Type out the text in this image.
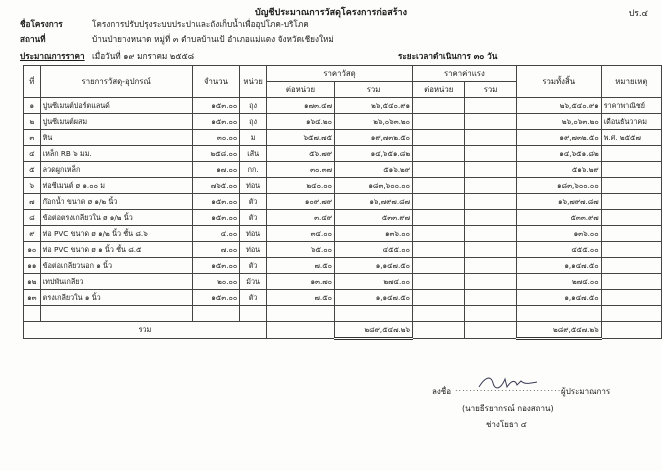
บัญชีประมาณการวัสดุโครงการก่อสร้าง	ปร.๔
ชื่อโครงการ	โครงการปรับปรุงระบบประปาและถังเก็บน้ำเพื่ออุปโภค-บริโภค
สถานที่	บ้านป่ายางหนาด หมู่ที่ ๓ ตำบลบ้านเป้ อำเภอแม่แตง จังหวัดเชียงใหม่
ประมาณการราคา เมื่อวันที่ ๑๙ มกราคม ๒๕๕๘	ระยะเวลาดำเนินการ ๓๐ วัน
ที่	รายการวัสดุ-อุปกรณ์	จำนวน	หน่วย	ราคาวัสดุ		ราคาค่าแรง		รวมทั้งสิ้น	หมายเหตุ
				ต่อหน่วย	รวม	ต่อหน่วย	รวม		
๑	ปูนซีเมนต์ปอร์ตแลนด์	๑๕๓.๐๐	ถุง	๑๗๓.๔๗	๒๖,๕๔๐.๙๑			๒๖,๕๔๐.๙๑	ราคาพาณิชย์
๒	ปูนซีเมนต์ผสม	๑๕๓.๐๐	ถุง	๑๖๔.๒๐	๒๖,๐๖๓.๒๐			๒๖,๐๖๓.๒๐	เดือนธันวาคม
๓	หิน	๓๐.๐๐	ม	๖๕๗.๗๕	๑๙,๗๓๒.๕๐			๑๙,๗๓๒.๕๐	พ.ศ. ๒๕๕๗
๔	เหล็ก RB ๖ มม.	๒๕๘.๐๐	เส้น	๕๖.๗๙	๑๔,๖๕๑.๘๒			๑๔,๖๕๑.๘๒	
๕	ลวดผูกเหล็ก	๑๗.๐๐	กก.	๓๐.๓๗	๕๑๖.๒๙			๕๑๖.๒๙	
๖	ท่อซีเมนต์ ø ๑.๐๐ ม	๗๖๕.๐๐	ท่อน	๒๔๐.๐๐	๑๘๓,๖๐๐.๐๐			๑๘๓,๖๐๐.๐๐	
๗	ก๊อกน้ำ ขนาด ø ๑/๒ นิ้ว	๑๕๓.๐๐	ตัว	๑๐๙.๗๙	๑๖,๗๙๗.๘๗			๑๖,๗๙๗.๘๗	
๘	ข้อต่อตรงเกลียวใน ø ๑/๒ นิ้ว	๑๕๓.๐๐	ตัว	๓.๔๙	๕๓๓.๙๗			๕๓๓.๙๗	
๙	ท่อ PVC ขนาด ø ๑/๒ นิ้ว ชั้น ๘.๖	๔.๐๐	ท่อน	๓๔.๐๐	๑๓๖.๐๐			๑๓๖.๐๐	
๑๐	ท่อ PVC ขนาด ø ๑ นิ้ว ชั้น ๘.๕	๗.๐๐	ท่อน	๖๕.๐๐	๔๕๕.๐๐			๔๕๕.๐๐	
๑๑	ข้อต่อเกลียวนอก ๑ นิ้ว	๑๕๓.๐๐	ตัว	๗.๕๐	๑,๑๔๗.๕๐			๑,๑๔๗.๕๐	
๑๒	เทปพันเกลียว	๒๐.๐๐	ม้วน	๑๓.๗๐	๒๗๔.๐๐			๒๗๔.๐๐	
๑๓	ตรงเกลียวใน ๑ นิ้ว	๑๕๓.๐๐	ตัว	๗.๕๐	๑,๑๔๗.๕๐			๑,๑๔๗.๕๐	

รวม					๒๘๙,๕๔๗.๒๖			๒๘๙,๕๔๗.๒๖	
ลงชื่อ ...............................
ผู้ประมาณการ
(นายธีรยากรณ์ กองสถาน)
ช่างโยธา ๔
